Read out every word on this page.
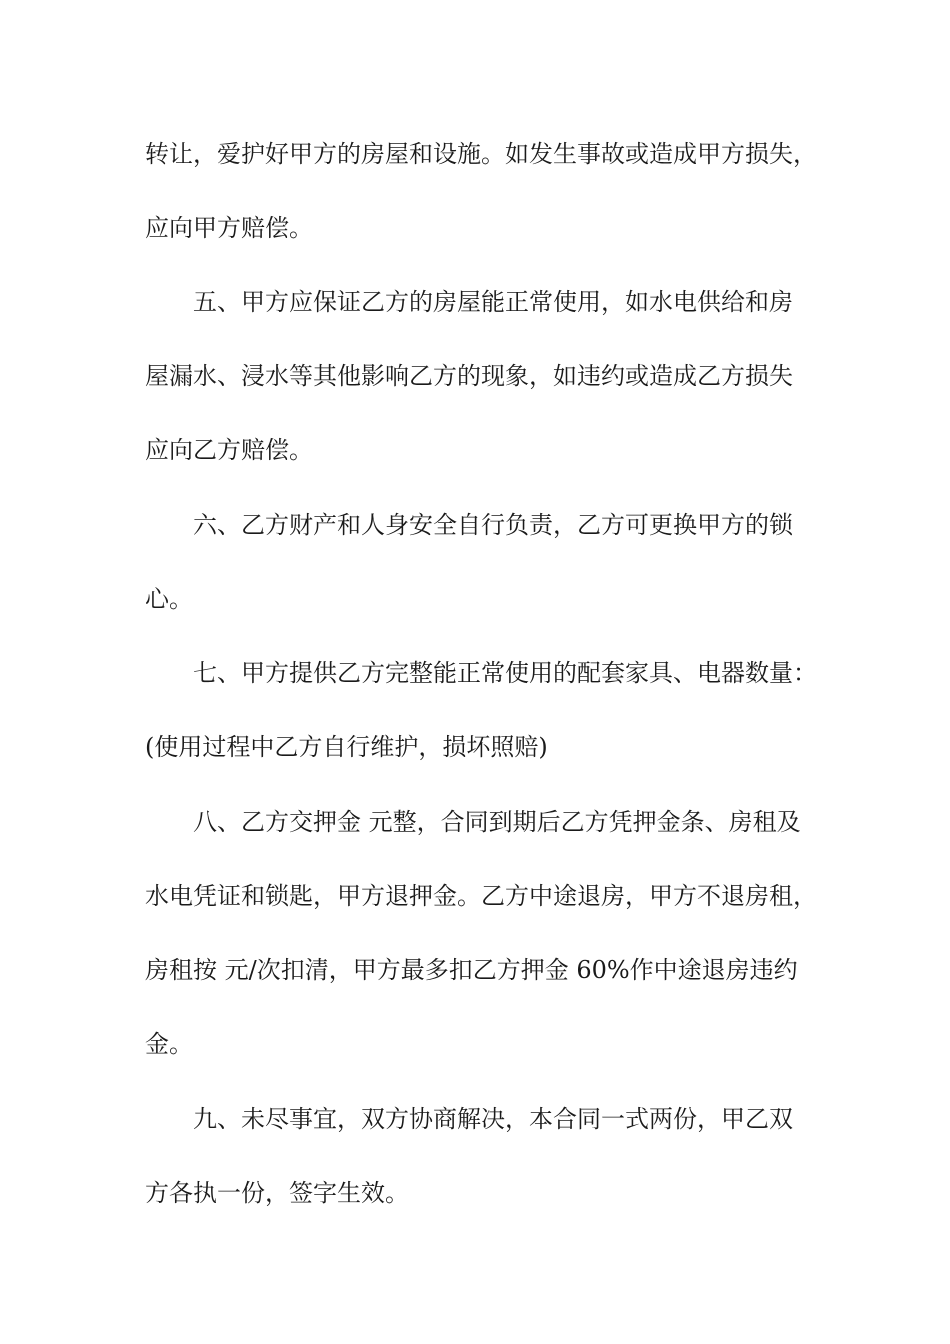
转让，爱护好甲方的房屋和设施。如发生事故或造成甲方损失，
应向甲方赔偿。
五、甲方应保证乙方的房屋能正常使用，如水电供给和房
屋漏水、浸水等其他影响乙方的现象，如违约或造成乙方损失
应向乙方赔偿。
六、乙方财产和人身安全自行负责，乙方可更换甲方的锁
心。
七、甲方提供乙方完整能正常使用的配套家具、电器数量：
(使用过程中乙方自行维护，损坏照赔)
八、乙方交押金 元整，合同到期后乙方凭押金条、房租及
水电凭证和锁匙，甲方退押金。乙方中途退房，甲方不退房租，
房租按 元/次扣清，甲方最多扣乙方押金 60%作中途退房违约
金。
九、未尽事宜，双方协商解决，本合同一式两份，甲乙双
方各执一份，签字生效。
